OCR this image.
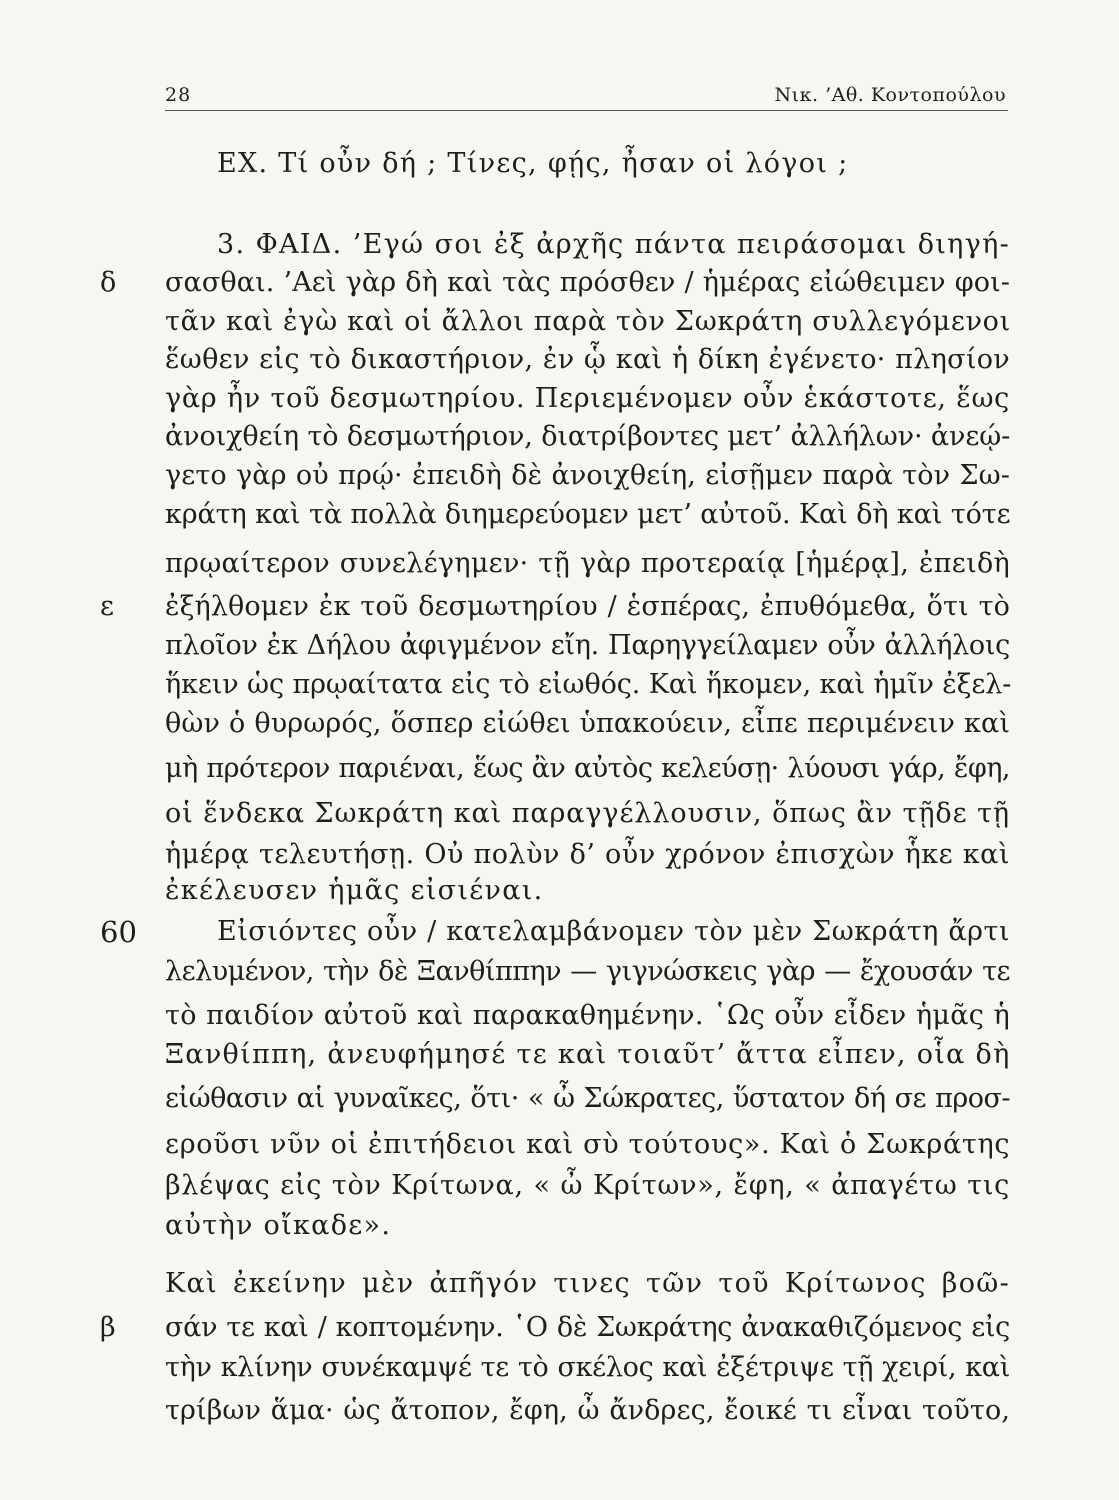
28	Νικ. ’Αθ. Κοντοπούλου
δ
ε
60
β
ΕΧ. Τί οὖν δή ; Τίνες, φῄς, ἦσαν οἱ λόγοι ;
3. ΦΑΙΔ. ’Εγώ σοι ἐξ ἀρχῆς πάντα πειράσομαι διηγή-
σασθαι. ’Αεὶ γὰρ δὴ καὶ τὰς πρόσθεν / ἡμέρας εἰώθειμεν φοι-
τᾶν καὶ ἐγὼ καὶ οἱ ἄλλοι παρὰ τὸν Σωκράτη συλλεγόμενοι
ἕωθεν εἰς τὸ δικαστήριον, ἐν ᾧ καὶ ἡ δίκη ἐγένετο· πλησίον
γὰρ ἦν τοῦ δεσμωτηρίου. Περιεμένομεν οὖν ἑκάστοτε, ἕως
ἀνοιχθείη τὸ δεσμωτήριον, διατρίβοντες μετ’ ἀλλήλων· ἀνεῴ-
γετο γὰρ οὐ πρῴ· ἐπειδὴ δὲ ἀνοιχθείη, εἰσῇμεν παρὰ τὸν Σω-
κράτη καὶ τὰ πολλὰ διημερεύομεν μετ’ αὐτοῦ. Καὶ δὴ καὶ τότε
πρῳαίτερον συνελέγημεν· τῇ γὰρ προτεραίᾳ [ἡμέρᾳ], ἐπειδὴ
ἐξήλθομεν ἐκ τοῦ δεσμωτηρίου / ἑσπέρας, ἐπυθόμεθα, ὅτι τὸ
πλοῖον ἐκ Δήλου ἀφιγμένον εἴη. Παρηγγείλαμεν οὖν ἀλλήλοις
ἥκειν ὡς πρῳαίτατα εἰς τὸ εἰωθός. Καὶ ἥκομεν, καὶ ἡμῖν ἐξελ-
θὼν ὁ θυρωρός, ὅσπερ εἰώθει ὑπακούειν, εἶπε περιμένειν καὶ
μὴ πρότερον παριέναι, ἕως ἂν αὐτὸς κελεύσῃ· λύουσι γάρ, ἔφη,
οἱ ἕνδεκα Σωκράτη καὶ παραγγέλλουσιν, ὅπως ἂν τῇδε τῇ
ἡμέρᾳ τελευτήσῃ. Οὐ πολὺν δ’ οὖν χρόνον ἐπισχὼν ἧκε καὶ
ἐκέλευσεν ἡμᾶς εἰσιέναι.
Εἰσιόντες οὖν / κατελαμβάνομεν τὸν μὲν Σωκράτη ἄρτι
λελυμένον, τὴν δὲ Ξανθίππην — γιγνώσκεις γὰρ — ἔχουσάν τε
τὸ παιδίον αὐτοῦ καὶ παρακαθημένην. ῾Ως οὖν εἶδεν ἡμᾶς ἡ
Ξανθίππη, ἀνευφήμησέ τε καὶ τοιαῦτ’ ἄττα εἶπεν, οἷα δὴ
εἰώθασιν αἱ γυναῖκες, ὅτι· « ὦ Σώκρατες, ὕστατον δή σε προσ-
εροῦσι νῦν οἱ ἐπιτήδειοι καὶ σὺ τούτους». Καὶ ὁ Σωκράτης
βλέψας εἰς τὸν Κρίτωνα, « ὦ Κρίτων», ἔφη, « ἀπαγέτω τις
αὐτὴν οἴκαδε».
Καὶ ἐκείνην μὲν ἀπῆγόν τινες τῶν τοῦ Κρίτωνος βοῶ-
σάν τε καὶ / κοπτομένην. ῾Ο δὲ Σωκράτης ἀνακαθιζόμενος εἰς
τὴν κλίνην συνέκαμψέ τε τὸ σκέλος καὶ ἐξέτριψε τῇ χειρί, καὶ
τρίβων ἅμα· ὡς ἄτοπον, ἔφη, ὦ ἄνδρες, ἔοικέ τι εἶναι τοῦτο,
